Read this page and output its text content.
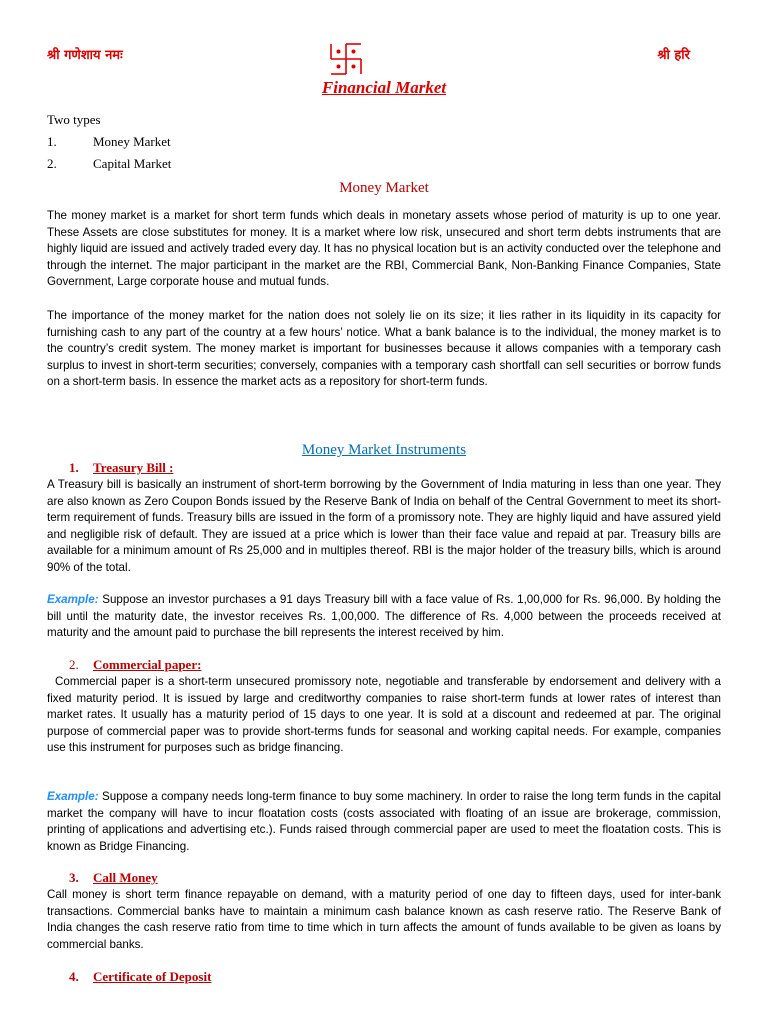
श्री गणेशाय नमः	श्री हरि
Financial Market
Two types
1.	Money Market
2.	Capital Market
Money Market
The money market is a market for short term funds which deals in monetary assets whose period of maturity is up to one year. These Assets are close substitutes for money. It is a market where low risk, unsecured and short term debts instruments that are highly liquid are issued and actively traded every day. It has no physical location but is an activity conducted over the telephone and through the internet. The major participant in the market are the RBI, Commercial Bank, Non-Banking Finance Companies, State Government, Large corporate house and mutual funds.
The importance of the money market for the nation does not solely lie on its size; it lies rather in its liquidity in its capacity for furnishing cash to any part of the country at a few hours’ notice. What a bank balance is to the individual, the money market is to the country’s credit system. The money market is important for businesses because it allows companies with a temporary cash surplus to invest in short-term securities; conversely, companies with a temporary cash shortfall can sell securities or borrow funds on a short-term basis. In essence the market acts as a repository for short-term funds.
Money Market Instruments
1. Treasury Bill :
A Treasury bill is basically an instrument of short-term borrowing by the Government of India maturing in less than one year. They are also known as Zero Coupon Bonds issued by the Reserve Bank of India on behalf of the Central Government to meet its short-term requirement of funds. Treasury bills are issued in the form of a promissory note. They are highly liquid and have assured yield and negligible risk of default. They are issued at a price which is lower than their face value and repaid at par. Treasury bills are available for a minimum amount of Rs 25,000 and in multiples thereof. RBI is the major holder of the treasury bills, which is around 90% of the total.
Example: Suppose an investor purchases a 91 days Treasury bill with a face value of Rs. 1,00,000 for Rs. 96,000. By holding the bill until the maturity date, the investor receives Rs. 1,00,000. The difference of Rs. 4,000 between the proceeds received at maturity and the amount paid to purchase the bill represents the interest received by him.
2. Commercial paper:
Commercial paper is a short-term unsecured promissory note, negotiable and transferable by endorsement and delivery with a fixed maturity period. It is issued by large and creditworthy companies to raise short-term funds at lower rates of interest than market rates. It usually has a maturity period of 15 days to one year. It is sold at a discount and redeemed at par. The original purpose of commercial paper was to provide short-terms funds for seasonal and working capital needs. For example, companies use this instrument for purposes such as bridge financing.
Example: Suppose a company needs long-term finance to buy some machinery. In order to raise the long term funds in the capital market the company will have to incur floatation costs (costs associated with floating of an issue are brokerage, commission, printing of applications and advertising etc.). Funds raised through commercial paper are used to meet the floatation costs. This is known as Bridge Financing.
3. Call Money
Call money is short term finance repayable on demand, with a maturity period of one day to fifteen days, used for inter-bank transactions. Commercial banks have to maintain a minimum cash balance known as cash reserve ratio. The Reserve Bank of India changes the cash reserve ratio from time to time which in turn affects the amount of funds available to be given as loans by commercial banks.
4. Certificate of Deposit
